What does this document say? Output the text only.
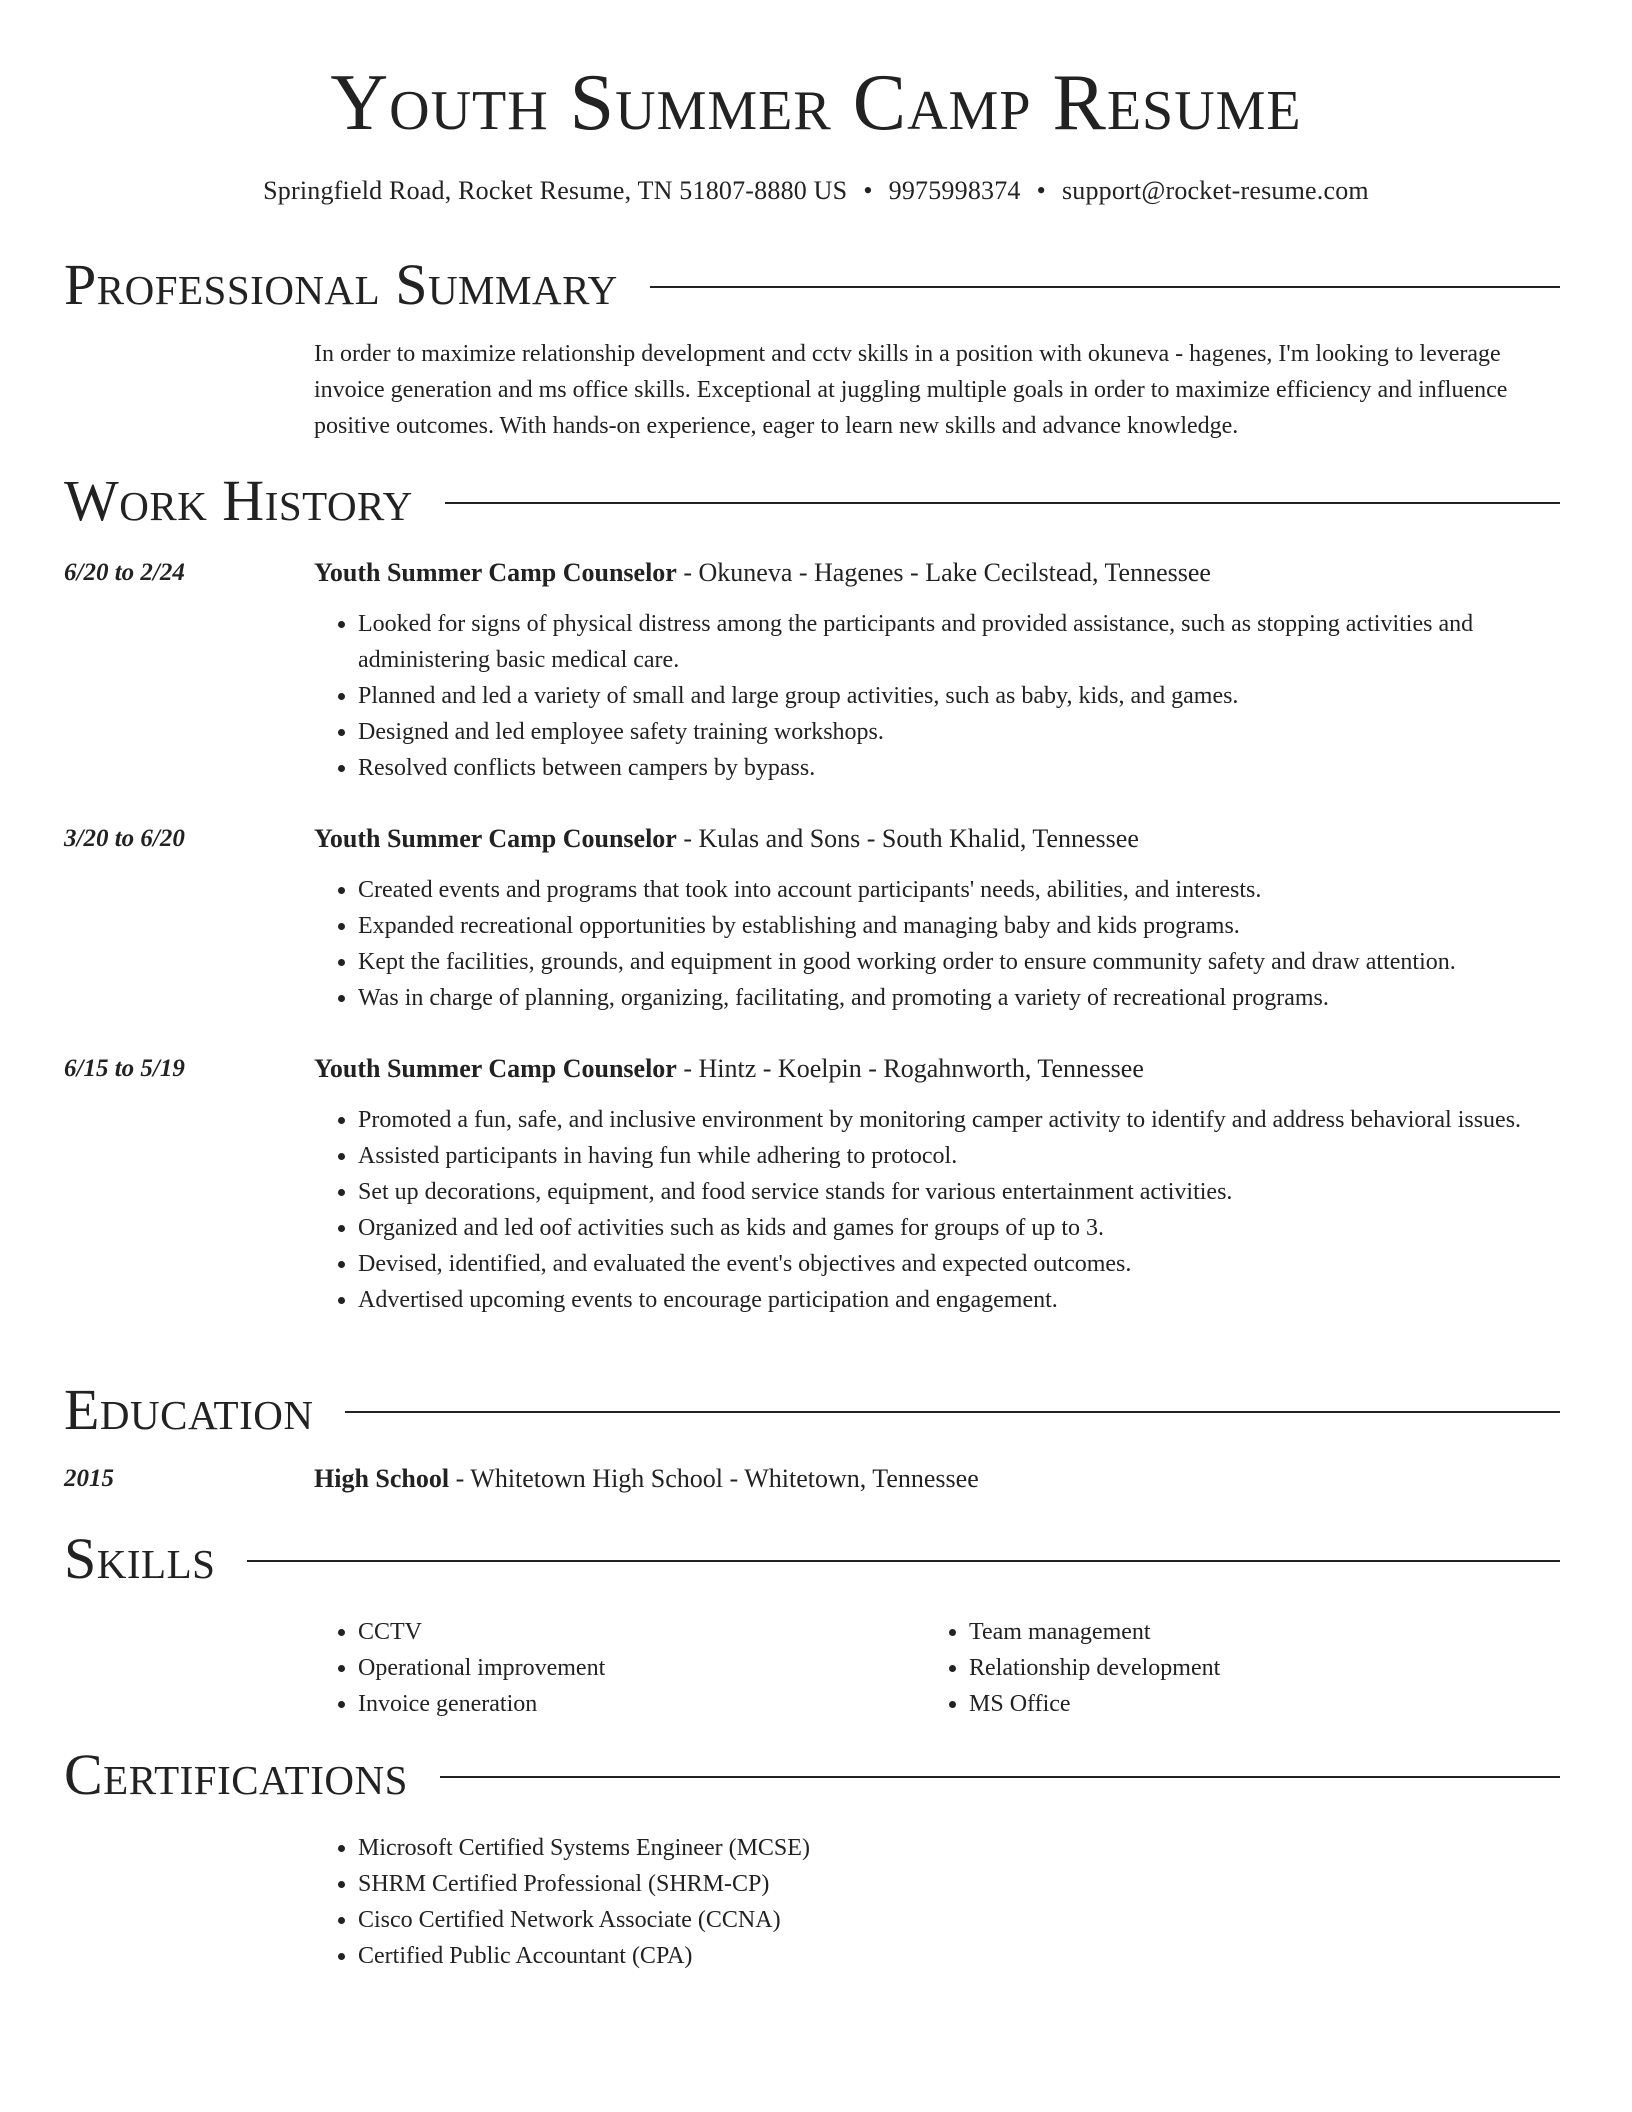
Youth Summer Camp Resume
Springfield Road, Rocket Resume, TN 51807-8880 US • 9975998374 • support@rocket-resume.com
Professional Summary
In order to maximize relationship development and cctv skills in a position with okuneva - hagenes, I'm looking to leverage invoice generation and ms office skills. Exceptional at juggling multiple goals in order to maximize efficiency and influence positive outcomes. With hands-on experience, eager to learn new skills and advance knowledge.
Work History
6/20 to 2/24	Youth Summer Camp Counselor - Okuneva - Hagenes - Lake Cecilstead, Tennessee
• Looked for signs of physical distress among the participants and provided assistance, such as stopping activities and administering basic medical care.
• Planned and led a variety of small and large group activities, such as baby, kids, and games.
• Designed and led employee safety training workshops.
• Resolved conflicts between campers by bypass.
3/20 to 6/20	Youth Summer Camp Counselor - Kulas and Sons - South Khalid, Tennessee
• Created events and programs that took into account participants' needs, abilities, and interests.
• Expanded recreational opportunities by establishing and managing baby and kids programs.
• Kept the facilities, grounds, and equipment in good working order to ensure community safety and draw attention.
• Was in charge of planning, organizing, facilitating, and promoting a variety of recreational programs.
6/15 to 5/19	Youth Summer Camp Counselor - Hintz - Koelpin - Rogahnworth, Tennessee
• Promoted a fun, safe, and inclusive environment by monitoring camper activity to identify and address behavioral issues.
• Assisted participants in having fun while adhering to protocol.
• Set up decorations, equipment, and food service stands for various entertainment activities.
• Organized and led oof activities such as kids and games for groups of up to 3.
• Devised, identified, and evaluated the event's objectives and expected outcomes.
• Advertised upcoming events to encourage participation and engagement.
Education
2015	High School - Whitetown High School - Whitetown, Tennessee
Skills
• CCTV
• Operational improvement
• Invoice generation
• Team management
• Relationship development
• MS Office
Certifications
• Microsoft Certified Systems Engineer (MCSE)
• SHRM Certified Professional (SHRM-CP)
• Cisco Certified Network Associate (CCNA)
• Certified Public Accountant (CPA)
